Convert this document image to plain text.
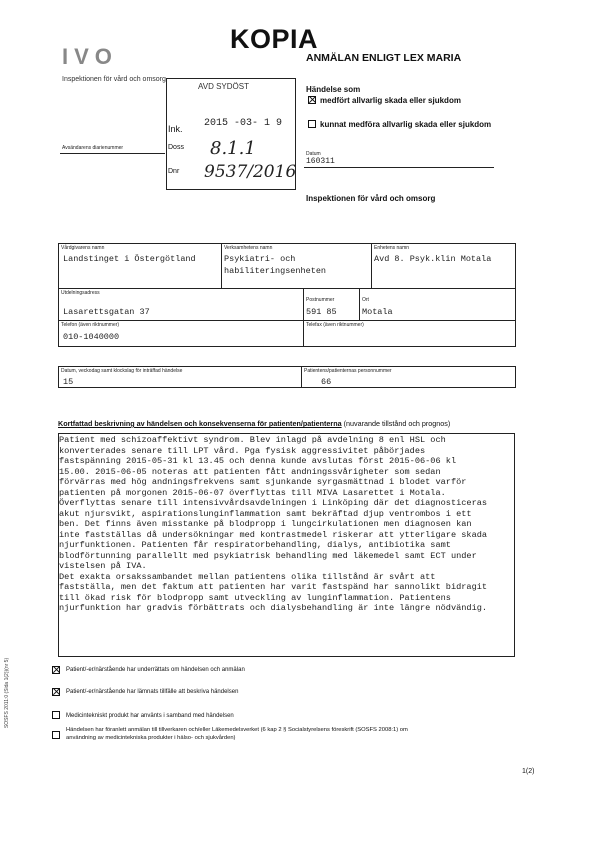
KOPIA
ANMÄLAN ENLIGT LEX MARIA
IVO
Inspektionen för vård och omsorg
AVD SYDÖST
Ink. 2015 -03- 1 9
Doss 8.1.1
Dnr 9537/2016
Händelse som
medfört allvarlig skada eller sjukdom
kunnat medföra allvarlig skada eller sjukdom
Avsändarens diarienummer
Datum
160311
Inspektionen för vård och omsorg
Vårdgivarens namn
Landstinget i Östergötland
Verksamhetens namn
Psykiatri- och
habiliteringsenheten
Enhetens namn
Avd 8. Psyk.klin Motala
Utdelningsadress
Lasarettsgatan 37
Postnummer
591 85
Ort
Motala
Telefon (även riktnummer)
010-1040000
Telefax (även riktnummer)
Datum, veckodag samt klockslag för inträffad händelse
15
Patientens/patienternas personnummer
66
Kortfattad beskrivning av händelsen och konsekvenserna för patienten/patienterna (nuvarande tillstånd och prognos)
Patient med schizoaffektivt syndrom. Blev inlagd på avdelning 8 enl HSL och
konverterades senare till LPT vård. Pga fysisk aggressivitet påbörjades
fastspänning 2015-05-31 kl 13.45 och denna kunde avslutas först 2015-06-06 kl
15.00. 2015-06-05 noteras att patienten fått andningssvårigheter som sedan
förvärras med hög andningsfrekvens samt sjunkande syrgasmättnad i blodet varför
patienten på morgonen 2015-06-07 överflyttas till MIVA Lasarettet i Motala.
Överflyttas senare till intensivvårdsavdelningen i Linköping där det diagnosticeras
akut njursvikt, aspirationslunginflammation samt bekräftad djup ventrombos i ett
ben. Det finns även misstanke på blodpropp i lungcirkulationen men diagnosen kan
inte fastställas då undersökningar med kontrastmedel riskerar att ytterligare skada
njurfunktionen. Patienten får respiratorbehandling, dialys, antibiotika samt
blodförtunning parallellt med psykiatrisk behandling med läkemedel samt ECT under
vistelsen på IVA.
Det exakta orsakssambandet mellan patientens olika tillstånd är svårt att
fastställa, men det faktum att patienten har varit fastspänd har sannolikt bidragit
till ökad risk för blodpropp samt utveckling av lunginflammation. Patientens
njurfunktion har gradvis förbättrats och dialysbehandling är inte längre nödvändig.
Patient/-er/närstående har underrättats om händelsen och anmälan
Patient/-er/närstående har lämnats tillfälle att beskriva händelsen
Medicintekniskt produkt har använts i samband med händelsen
Händelsen har föranlett anmälan till tillverkaren och/eller Läkemedelsverket (6 kap 2 § Socialstyrelsens föreskrift (SOSFS 2008:1) om
användning av medicintekniska produkter i hälso- och sjukvården)
SOSFS 2011:0 (Sida 1(2))(nr 5)
1(2)
